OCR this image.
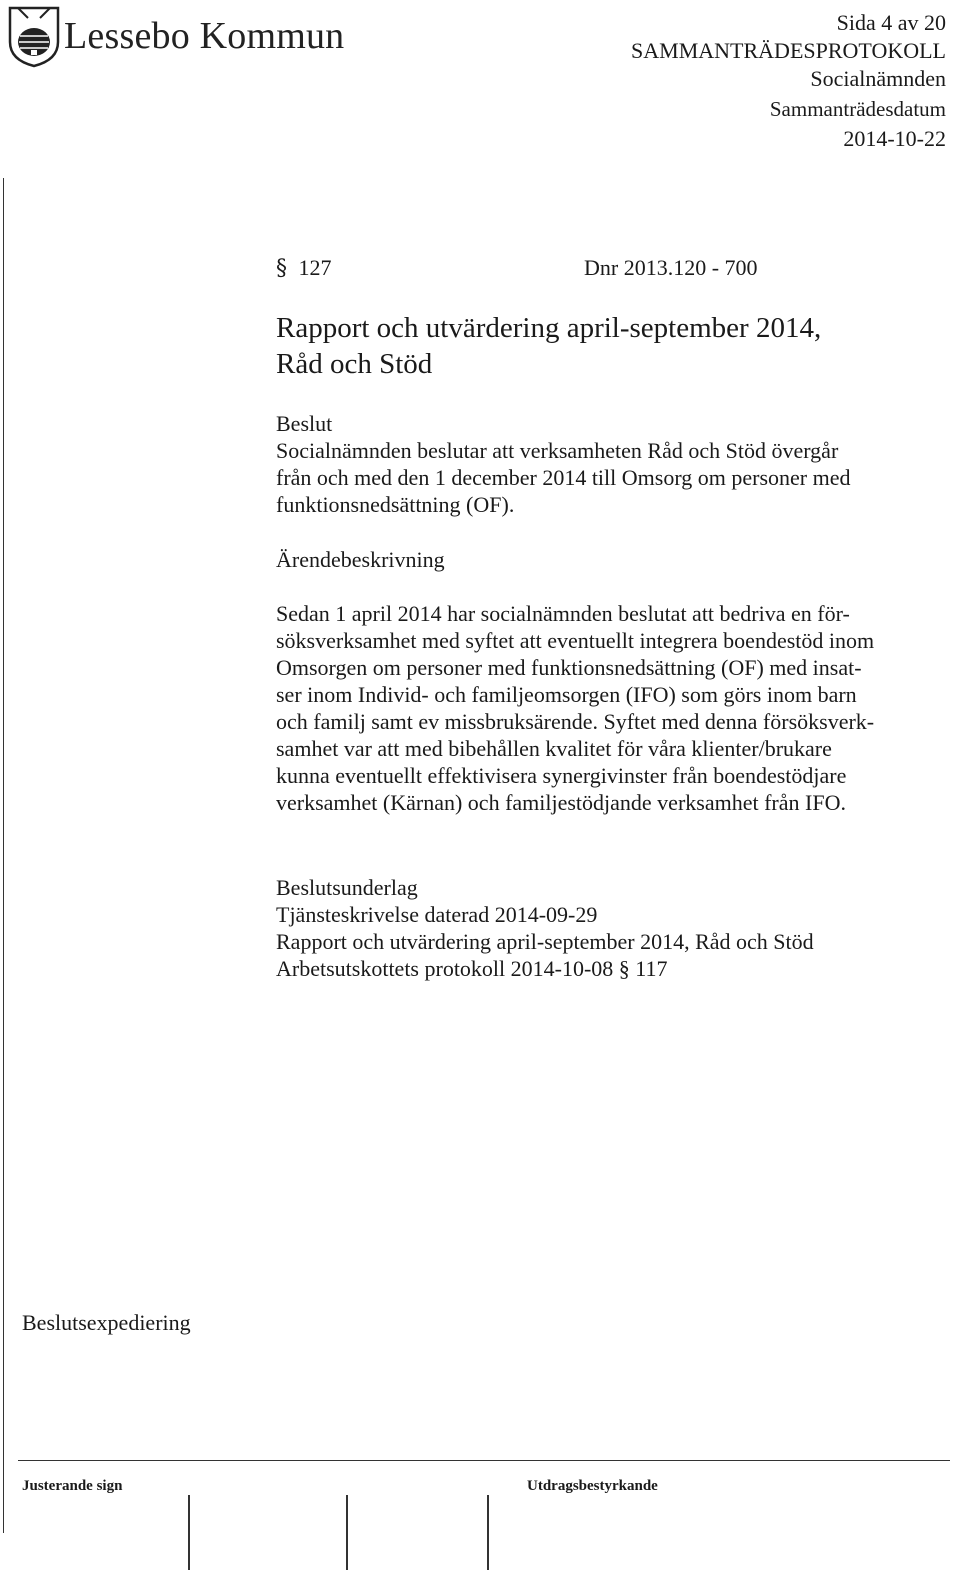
Lessebo Kommun	Sida 4 av 20
SAMMANTRÄDESPROTOKOLL
Socialnämnden
Sammanträdesdatum
2014-10-22
§ 127	Dnr 2013.120 - 700
Rapport och utvärdering april-september 2014,
Råd och Stöd
Beslut
Socialnämnden beslutar att verksamheten Råd och Stöd övergår
från och med den 1 december 2014 till Omsorg om personer med
funktionsnedsättning (OF).
Ärendebeskrivning
Sedan 1 april 2014 har socialnämnden beslutat att bedriva en för-
söksverksamhet med syftet att eventuellt integrera boendestöd inom
Omsorgen om personer med funktionsnedsättning (OF) med insat-
ser inom Individ- och familjeomsorgen (IFO) som görs inom barn
och familj samt ev missbruksärende. Syftet med denna försöksverk-
samhet var att med bibehållen kvalitet för våra klienter/brukare
kunna eventuellt effektivisera synergivinster från boendestödjare
verksamhet (Kärnan) och familjestödjande verksamhet från IFO.
Beslutsunderlag
Tjänsteskrivelse daterad 2014-09-29
Rapport och utvärdering april-september 2014, Råd och Stöd
Arbetsutskottets protokoll 2014-10-08 § 117
Beslutsexpediering
Justerande sign	Utdragsbestyrkande
